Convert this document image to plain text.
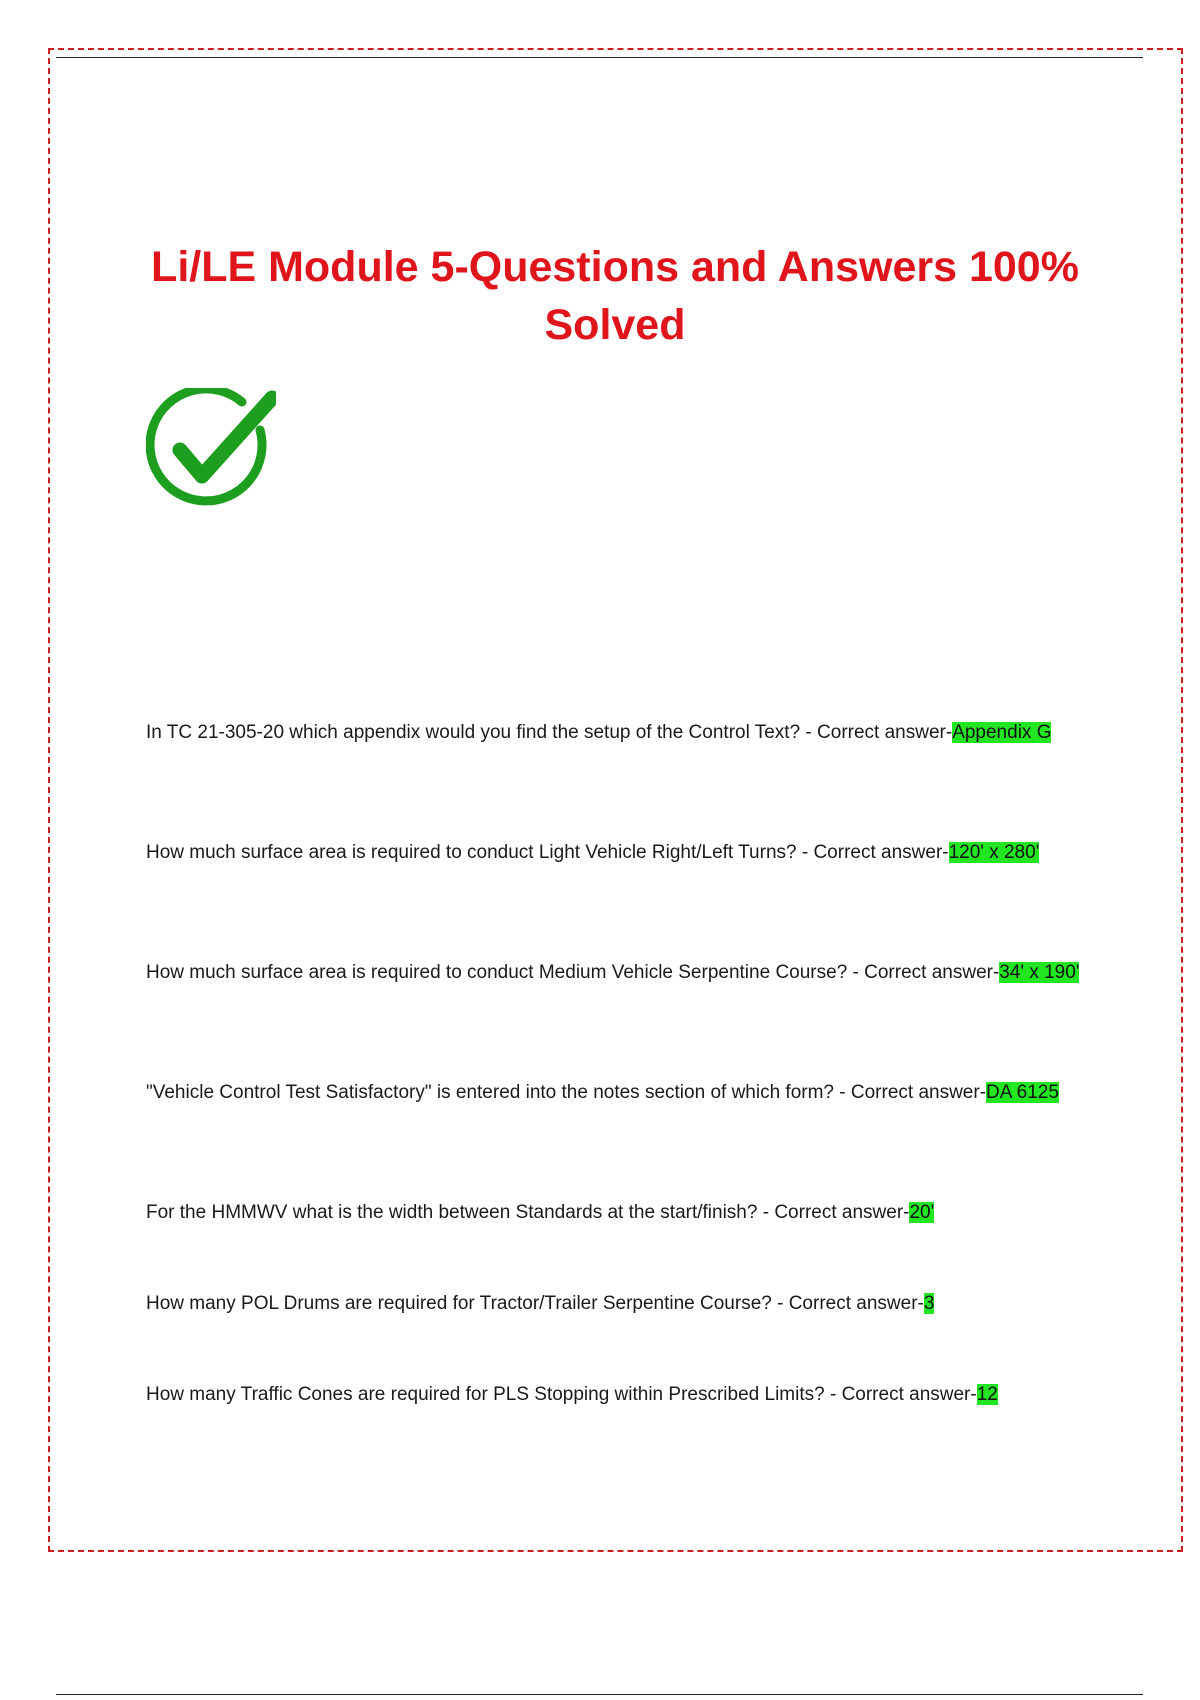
Li/LE Module 5-Questions and Answers 100% Solved

In TC 21-305-20 which appendix would you find the setup of the Control Text? - Correct answer-Appendix G

How much surface area is required to conduct Light Vehicle Right/Left Turns? - Correct answer-120' x 280'

How much surface area is required to conduct Medium Vehicle Serpentine Course? - Correct answer-34' x 190'

"Vehicle Control Test Satisfactory" is entered into the notes section of which form? - Correct answer-DA 6125

For the HMMWV what is the width between Standards at the start/finish? - Correct answer-20'

How many POL Drums are required for Tractor/Trailer Serpentine Course? - Correct answer-3

How many Traffic Cones are required for PLS Stopping within Prescribed Limits? - Correct answer-12
